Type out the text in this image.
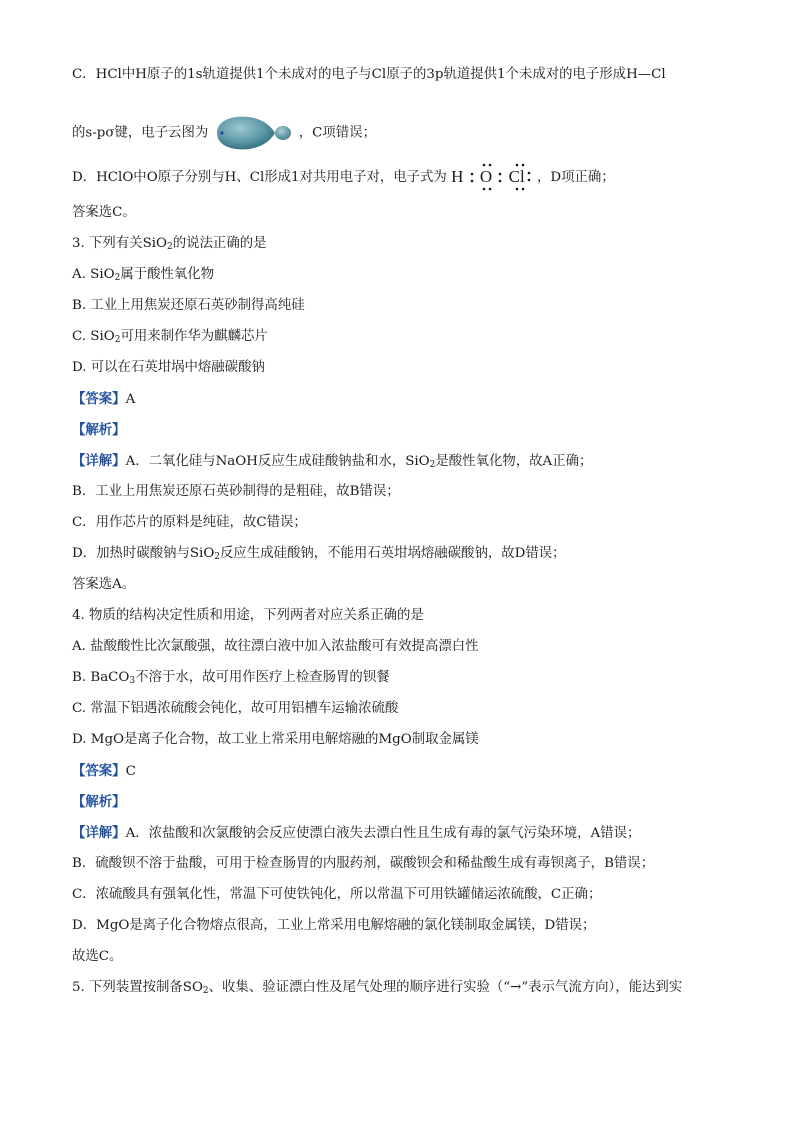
C．HCl中H原子的1s轨道提供1个未成对的电子与Cl原子的3p轨道提供1个未成对的电子形成H—Cl
的s-pσ键，电子云图为	，C项错误；
D．HClO中O原子分别与H、Cl形成1对共用电子对，电子式为 H O
Cl ，D项正确；
答案选C。
3. 下列有关SiO$_2$的说法正确的是
A. SiO$_2$属于酸性氧化物
B. 工业上用焦炭还原石英砂制得高纯硅
C. SiO$_2$可用来制作华为麒麟芯片
D. 可以在石英坩埚中熔融碳酸钠
【答案】A
【解析】
【详解】A．二氧化硅与NaOH反应生成硅酸钠盐和水，SiO$_2$是酸性氧化物，故A正确；
B．工业上用焦炭还原石英砂制得的是粗硅，故B错误；
C．用作芯片的原料是纯硅，故C错误；
D．加热时碳酸钠与SiO$_2$反应生成硅酸钠，不能用石英坩埚熔融碳酸钠，故D错误；
答案选A。
4. 物质的结构决定性质和用途，下列两者对应关系正确的是
A. 盐酸酸性比次氯酸强，故往漂白液中加入浓盐酸可有效提高漂白性
B. BaCO$_3$不溶于水，故可用作医疗上检查肠胃的钡餐
C. 常温下铝遇浓硫酸会钝化，故可用铝槽车运输浓硫酸
D. MgO是离子化合物，故工业上常采用电解熔融的MgO制取金属镁
【答案】C
【解析】
【详解】A．浓盐酸和次氯酸钠会反应使漂白液失去漂白性且生成有毒的氯气污染环境，A错误；
B．硫酸钡不溶于盐酸，可用于检查肠胃的内服药剂，碳酸钡会和稀盐酸生成有毒钡离子，B错误；
C．浓硫酸具有强氧化性，常温下可使铁钝化，所以常温下可用铁罐储运浓硫酸，C正确；
D．MgO是离子化合物熔点很高，工业上常采用电解熔融的氯化镁制取金属镁，D错误；
故选C。
5. 下列装置按制备$SO_2$、收集、验证漂白性及尾气处理的顺序进行实验（“→”表示气流方向），能达到实
